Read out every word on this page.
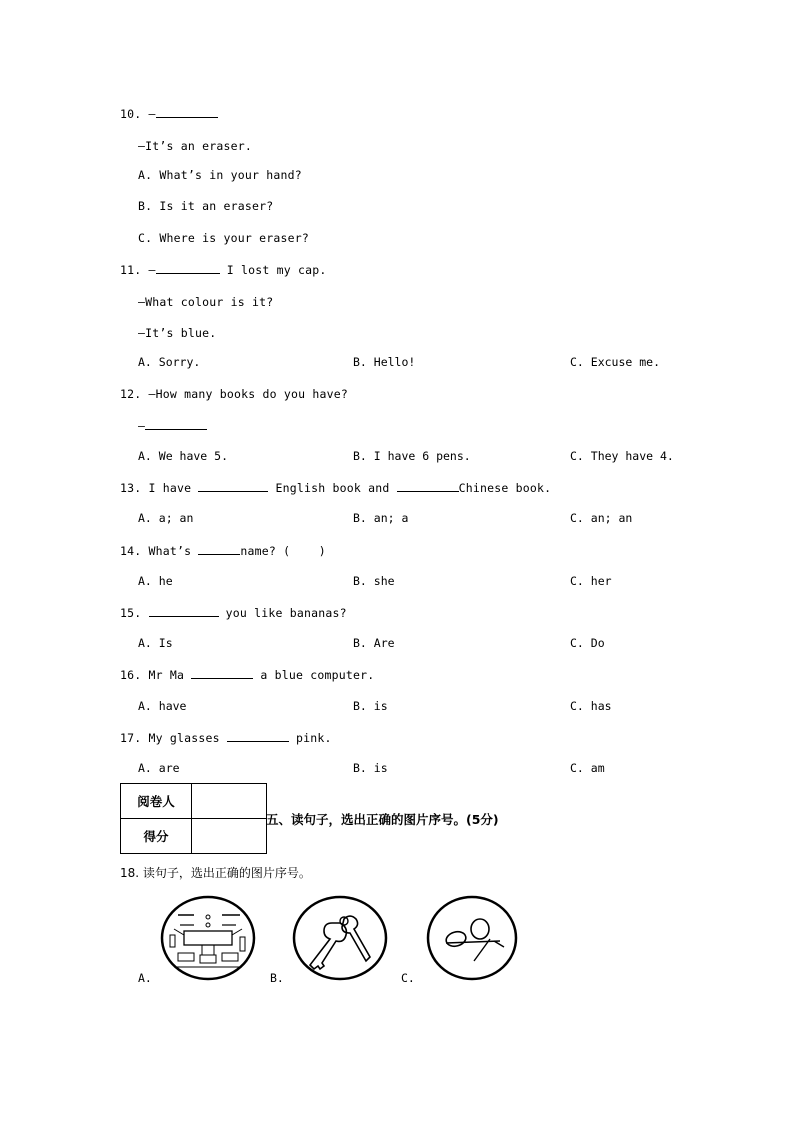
10. —
—It’s an eraser.
A. What’s in your hand?
B. Is it an eraser?
C. Where is your eraser?
11. —	I lost my cap.
—What colour is it?
—It’s blue.
A. Sorry.	B. Hello!	C. Excuse me.
12. —How many books do you have?
—
A. We have 5.	B. I have 6 pens.	C. They have 4.
13. I have	English book and	Chinese book.
A. a; an	B. an; a	C. an; an
14. What’s	name? (    )
A. he	B. she	C. her
15.	you like bananas?
A. Is	B. Are	C. Do
16. Mr Ma	a blue computer.
A. have	B. is	C. has
17. My glasses	pink.
A. are	B. is	C. am
阅卷人	
得分	
五、读句子，选出正确的图片序号。(5分)
18. 读句子，选出正确的图片序号。
A.	B.	C.
